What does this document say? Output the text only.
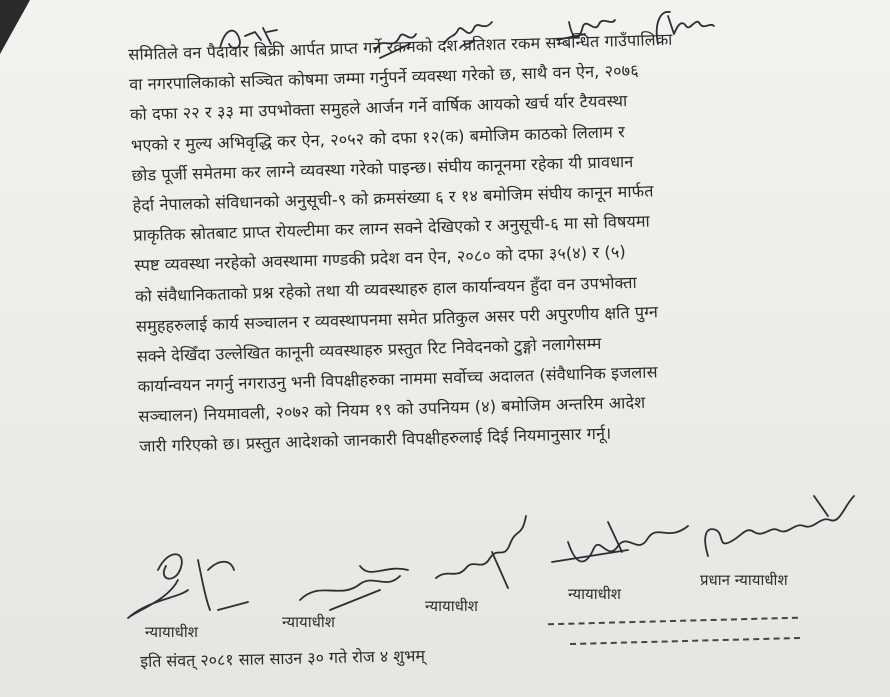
समितिले वन पैदावार बिक्री आर्पत प्राप्त गर्ने रकमको दश प्रतिशत रकम सम्बन्धित गाउँपालिका
वा नगरपालिकाको सञ्चित कोषमा जम्मा गर्नुपर्ने व्यवस्था गरेको छ, साथै वन ऐन, २०७६
को दफा २२ र ३३ मा उपभोक्ता समुहले आर्जन गर्ने वार्षिक आयको खर्च र्यार टैयवस्था
भएको र मुल्य अभिवृद्धि कर ऐन, २०५२ को दफा १२(क) बमोजिम काठको लिलाम र
छोड पूर्जी समेतमा कर लाग्ने व्यवस्था गरेको पाइन्छ। संघीय कानूनमा रहेका यी प्रावधान
हेर्दा नेपालको संविधानको अनुसूची-९ को क्रमसंख्या ६ र १४ बमोजिम संघीय कानून मार्फत
प्राकृतिक स्रोतबाट प्राप्त रोयल्टीमा कर लाग्न सक्ने देखिएको र अनुसूची-६ मा सो विषयमा
स्पष्ट व्यवस्था नरहेको अवस्थामा गण्डकी प्रदेश वन ऐन, २०८० को दफा ३५(४) र (५)
को संवैधानिकताको प्रश्न रहेको तथा यी व्यवस्थाहरु हाल कार्यान्वयन हुँदा वन उपभोक्ता
समुहहरुलाई कार्य सञ्चालन र व्यवस्थापनमा समेत प्रतिकुल असर परी अपुरणीय क्षति पुग्न
सक्ने देखिँदा उल्लेखित कानूनी व्यवस्थाहरु प्रस्तुत रिट निवेदनको टुङ्गो नलागेसम्म
कार्यान्वयन नगर्नु नगराउनु भनी विपक्षीहरुका नाममा सर्वोच्च अदालत (संवैधानिक इजलास
सञ्चालन) नियमावली, २०७२ को नियम १९ को उपनियम (४) बमोजिम अन्तरिम आदेश
जारी गरिएको छ। प्रस्तुत आदेशको जानकारी विपक्षीहरुलाई दिई नियमानुसार गर्नू।
न्यायाधीश
न्यायाधीश
न्यायाधीश
न्यायाधीश
प्रधान न्यायाधीश
इति संवत् २०८१ साल साउन ३० गते रोज ४ शुभम्
